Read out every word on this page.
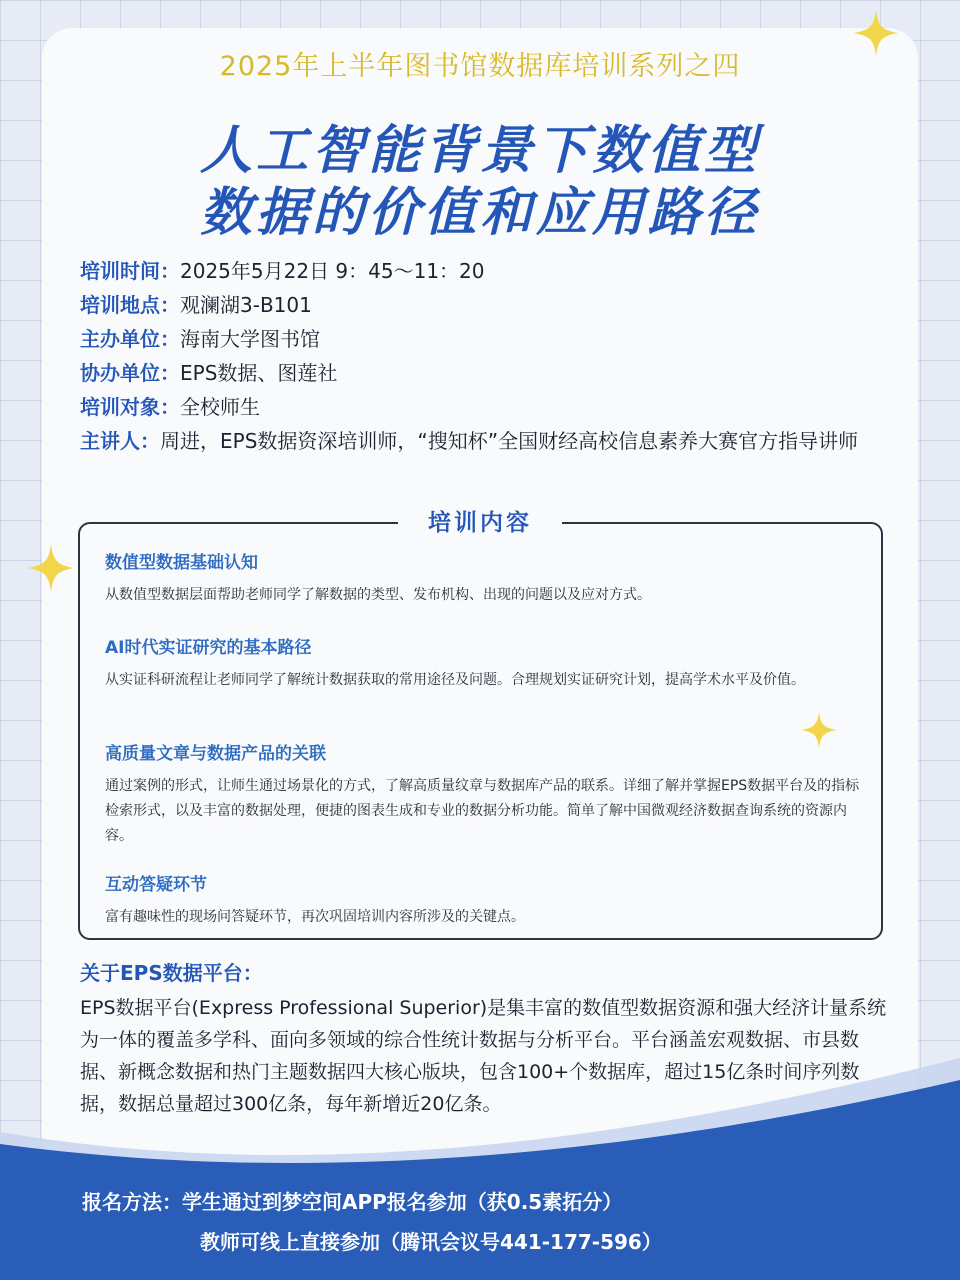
2025年上半年图书馆数据库培训系列之四
人工智能背景下数值型
数据的价值和应用路径
培训时间：2025年5月22日 9：45～11：20
培训地点：观澜湖3-B101
主办单位：海南大学图书馆
协办单位：EPS数据、图莲社
培训对象：全校师生
主讲人：周进，EPS数据资深培训师，“搜知杯”全国财经高校信息素养大赛官方指导讲师
培训内容
数值型数据基础认知
从数值型数据层面帮助老师同学了解数据的类型、发布机构、出现的问题以及应对方式。
AI时代实证研究的基本路径
从实证科研流程让老师同学了解统计数据获取的常用途径及问题。合理规划实证研究计划，提高学术水平及价值。
高质量文章与数据产品的关联
通过案例的形式，让师生通过场景化的方式，了解高质量纹章与数据库产品的联系。详细了解并掌握EPS数据平台及的指标检索形式，以及丰富的数据处理，便捷的图表生成和专业的数据分析功能。简单了解中国微观经济数据查询系统的资源内容。
互动答疑环节
富有趣味性的现场问答疑环节，再次巩固培训内容所涉及的关键点。
关于EPS数据平台：
EPS数据平台(Express Professional Superior)是集丰富的数值型数据资源和强大经济计量系统为一体的覆盖多学科、面向多领域的综合性统计数据与分析平台。平台涵盖宏观数据、市县数据、新概念数据和热门主题数据四大核心版块，包含100+个数据库，超过15亿条时间序列数据，数据总量超过300亿条，每年新增近20亿条。
报名方法：学生通过到梦空间APP报名参加（获0.5素拓分）
教师可线上直接参加（腾讯会议号441-177-596）
